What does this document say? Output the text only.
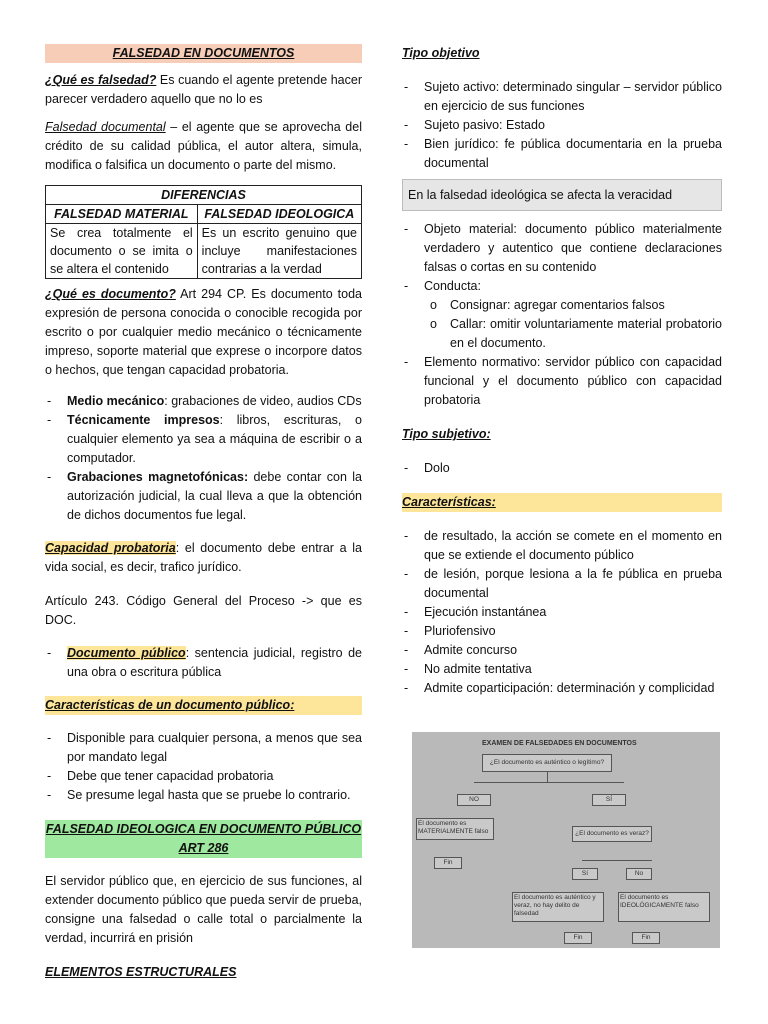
FALSEDAD EN DOCUMENTOS

¿Qué es falsedad? Es cuando el agente pretende hacer parecer verdadero aquello que no lo es

Falsedad documental – el agente que se aprovecha del crédito de su calidad pública, el autor altera, simula, modifica o falsifica un documento o parte del mismo.

DIFERENCIAS	
FALSEDAD MATERIAL	FALSEDAD IDEOLOGICA
Se crea totalmente el documento o se imita o se altera el contenido	Es un escrito genuino que incluye manifestaciones contrarias a la verdad

¿Qué es documento? Art 294 CP. Es documento toda expresión de persona conocida o conocible recogida por escrito o por cualquier medio mecánico o técnicamente impreso, soporte material que exprese o incorpore datos o hechos, que tengan capacidad probatoria.

- Medio mecánico: grabaciones de video, audios CDs
- Técnicamente impresos: libros, escrituras, o cualquier elemento ya sea a máquina de escribir o a computador.
- Grabaciones magnetofónicas: debe contar con la autorización judicial, la cual lleva a que la obtención de dichos documentos fue legal.

Capacidad probatoria: el documento debe entrar a la vida social, es decir, trafico jurídico.

Artículo 243. Código General del Proceso -> que es DOC.

- Documento público: sentencia judicial, registro de una obra o escritura pública
Características de un documento público:
- Disponible para cualquier persona, a menos que sea por mandato legal
- Debe que tener capacidad probatoria
- Se presume legal hasta que se pruebe lo contrario.
FALSEDAD IDEOLOGICA EN DOCUMENTO PÚBLICO ART 286

El servidor público que, en ejercicio de sus funciones, al extender documento público que pueda servir de prueba, consigne una falsedad o calle total o parcialmente la verdad, incurrirá en prisión

ELEMENTOS ESTRUCTURALES

Tipo objetivo

- Sujeto activo: determinado singular – servidor público en ejercicio de sus funciones
- Sujeto pasivo: Estado
- Bien jurídico: fe pública documentaria en la prueba documental
En la falsedad ideológica se afecta la veracidad
- Objeto material: documento público materialmente verdadero y autentico que contiene declaraciones falsas o cortas en su contenido
- Conducta:
o Consignar: agregar comentarios falsos
o Callar: omitir voluntariamente material probatorio en el documento.
- Elemento normativo: servidor público con capacidad funcional y el documento público con capacidad probatoria

Tipo subjetivo:

- Dolo
Características:
- de resultado, la acción se comete en el momento en que se extiende el documento público
- de lesión, porque lesiona a la fe pública en prueba documental
- Ejecución instantánea
- Pluriofensivo
- Admite concurso
- No admite tentativa
- Admite coparticipación: determinación y complicidad
EXAMEN DE FALSEDADES EN DOCUMENTOS
¿El documento es auténtico o legítimo?
NO	SÍ
El documento es MATERIALMENTE falso	¿El documento es veraz?
Fin
Sí	No
El documento es auténtico y veraz, no hay delito de falsedad
El documento es IDEOLÓGICAMENTE falso
Fin	Fin
